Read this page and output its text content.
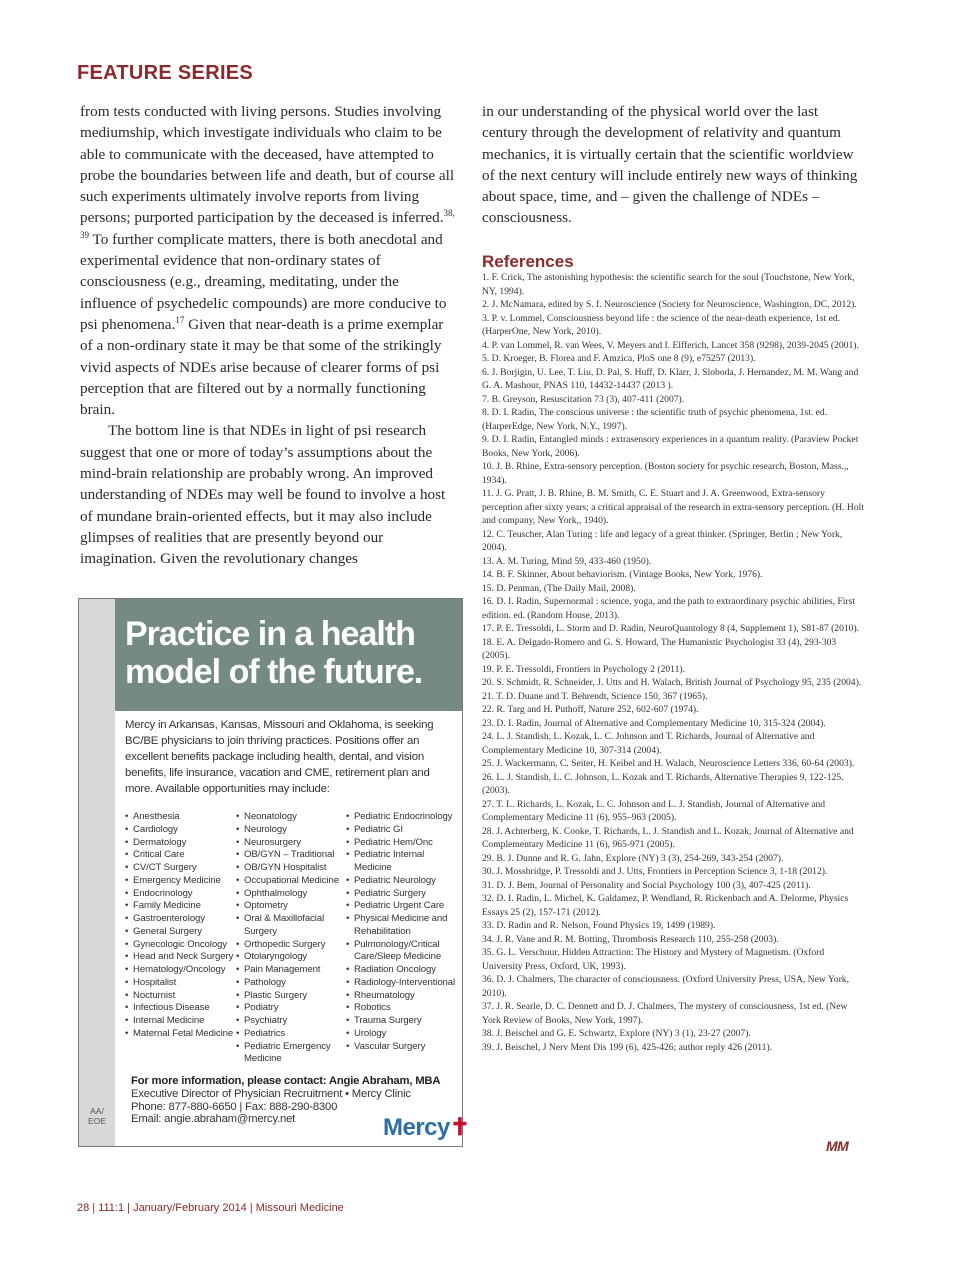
FEATURE SERIES

from tests conducted with living persons. Studies involving mediumship, which investigate individuals who claim to be able to communicate with the deceased, have attempted to probe the boundaries between life and death, but of course all such experiments ultimately involve reports from living persons; purported participation by the deceased is inferred.$^{38, 39}$ To further complicate matters, there is both anecdotal and experimental evidence that non-ordinary states of consciousness (e.g., dreaming, meditating, under the influence of psychedelic compounds) are more conducive to psi phenomena.$^{17}$ Given that near-death is a prime exemplar of a non-ordinary state it may be that some of the strikingly vivid aspects of NDEs arise because of clearer forms of psi perception that are filtered out by a normally functioning brain.

The bottom line is that NDEs in light of psi research suggest that one or more of today’s assumptions about the mind-brain relationship are probably wrong. An improved understanding of NDEs may well be found to involve a host of mundane brain-oriented effects, but it may also include glimpses of realities that are presently beyond our imagination. Given the revolutionary changes

in our understanding of the physical world over the last century through the development of relativity and quantum mechanics, it is virtually certain that the scientific worldview of the next century will include entirely new ways of thinking about space, time, and – given the challenge of NDEs – consciousness.
References
1. F. Crick, The astonishing hypothesis: the scientific search for the soul (Touchstone, New York, NY, 1994).
2. J. McNamara, edited by S. f. Neuroscience (Society for Neuroscience, Washington, DC, 2012).
3. P. v. Lommel, Consciousness beyond life : the science of the near-death experience, 1st ed. (HarperOne, New York, 2010).
4. P. van Lommel, R. van Wees, V. Meyers and I. Elfferich, Lancet 358 (9298), 2039-2045 (2001).
5. D. Kroeger, B. Florea and F. Amzica, PloS one 8 (9), e75257 (2013).
6. J. Borjigin, U. Lee, T. Liu, D. Pal, S. Huff, D. Klarr, J. Sloboda, J. Hernandez, M. M. Wang and G. A. Mashour, PNAS 110, 14432-14437 (2013 ).
7. B. Greyson, Resuscitation 73 (3), 407-411 (2007).
8. D. I. Radin, The conscious universe : the scientific truth of psychic phenomena, 1st. ed. (HarperEdge, New York, N.Y., 1997).
9. D. I. Radin, Entangled minds : extrasensory experiences in a quantum reality. (Paraview Pocket Books, New York, 2006).
10. J. B. Rhine, Extra-sensory perception. (Boston society for psychic research, Boston, Mass.,, 1934).
11. J. G. Pratt, J. B. Rhine, B. M. Smith, C. E. Stuart and J. A. Greenwood, Extra-sensory perception after sixty years; a critical appraisal of the research in extra-sensory perception. (H. Holt and company, New York,, 1940).
12. C. Teuscher, Alan Turing : life and legacy of a great thinker. (Springer, Berlin ; New York, 2004).
13. A. M. Turing, Mind 59, 433-460 (1950).
14. B. F. Skinner, About behaviorism. (Vintage Books, New York, 1976).
15. D. Penman, (The Daily Mail, 2008).
16. D. I. Radin, Supernormal : science, yoga, and the path to extraordinary psychic abilities, First edition. ed. (Random House, 2013).
17. P. E. Tressoldi, L. Storm and D. Radin, NeuroQuantology 8 (4, Supplement 1), S81-87 (2010).
18. E. A. Delgado-Romero and G. S. Howard, The Humanistic Psychologist 33 (4), 293-303 (2005).
19. P. E. Tressoldi, Frontiers in Psychology 2 (2011).
20. S. Schmidt, R. Schneider, J. Utts and H. Walach, British Journal of Psychology 95, 235 (2004).
21. T. D. Duane and T. Behrendt, Science 150, 367 (1965).
22. R. Targ and H. Puthoff, Nature 252, 602-607 (1974).
23. D. I. Radin, Journal of Alternative and Complementary Medicine 10, 315-324 (2004).
24. L. J. Standish, L. Kozak, L. C. Johnson and T. Richards, Journal of Alternative and Complementary Medicine 10, 307-314 (2004).
25. J. Wackermann, C. Seiter, H. Keibel and H. Walach, Neuroscience Letters 336, 60-64 (2003).
26. L. J. Standish, L. C. Johnson, L. Kozak and T. Richards, Alternative Therapies 9, 122-125. (2003).
27. T. L. Richards, L. Kozak, L. C. Johnson and L. J. Standish, Journal of Alternative and Complementary Medicine 11 (6), 955–963 (2005).
28. J. Achterberg, K. Cooke, T. Richards, L. J. Standish and L. Kozak, Journal of Alternative and Complementary Medicine 11 (6), 965-971 (2005).
29. B. J. Dunne and R. G. Jahn, Explore (NY) 3 (3), 254-269, 343-254 (2007).
30. J. Mossbridge, P. Tressoldi and J. Utts, Frontiers in Perception Science 3, 1-18 (2012).
31. D. J. Bem, Journal of Personality and Social Psychology 100 (3), 407-425 (2011).
32. D. I. Radin, L. Michel, K. Galdamez, P. Wendland, R. Rickenbach and A. Delorme, Physics Essays 25 (2), 157-171 (2012).
33. D. Radin and R. Nelson, Found Physics 19, 1499 (1989).
34. J. R. Vane and R. M. Botting, Thrombosis Research 110, 255-258 (2003).
35. G. L. Verschuur, Hidden Attraction: The History and Mystery of Magnetism. (Oxford University Press, Oxford, UK, 1993).
36. D. J. Chalmers, The character of consciousness. (Oxford University Press, USA, New York, 2010).
37. J. R. Searle, D. C. Dennett and D. J. Chalmers, The mystery of consciousness, 1st ed. (New York Review of Books, New York, 1997).
38. J. Beischel and G. E. Schwartz, Explore (NY) 3 (1), 23-27 (2007).
39. J. Beischel, J Nerv Ment Dis 199 (6), 425-426; author reply 426 (2011).
MM
AA/ EOE
Practice in a health
model of the future.
Mercy in Arkansas, Kansas, Missouri and Oklahoma, is seeking BC/BE physicians to join thriving practices. Positions offer an excellent benefits package including health, dental, and vision benefits, life insurance, vacation and CME, retirement plan and more. Available opportunities may include:
• Anesthesia
• Cardiology
• Dermatology
• Critical Care
• CV/CT Surgery
• Emergency Medicine
• Endocrinology
• Family Medicine
• Gastroenterology
• General Surgery
• Gynecologic Oncology
• Head and Neck Surgery
• Hematology/Oncology
• Hospitalist
• Nocturnist
• Infectious Disease
• Internal Medicine
• Maternal Fetal Medicine
• Neonatology
• Neurology
• Neurosurgery
• OB/GYN – Traditional
• OB/GYN Hospitalist
• Occupational Medicine
• Ophthalmology
• Optometry
• Oral & Maxillofacial Surgery
• Orthopedic Surgery
• Otolaryngology
• Pain Management
• Pathology
• Plastic Surgery
• Podiatry
• Psychiatry
• Pediatrics
• Pediatric Emergency Medicine
• Pediatric Endocrinology
• Pediatric GI
• Pediatric Hem/Onc
• Pediatric Internal Medicine
• Pediatric Neurology
• Pediatric Surgery
• Pediatric Urgent Care
• Physical Medicine and Rehabilitation
• Pulmonology/Critical Care/Sleep Medicine
• Radiation Oncology
• Radiology-Interventional
• Rheumatology
• Robotics
• Trauma Surgery
• Urology
• Vascular Surgery
For more information, please contact: Angie Abraham, MBA
Executive Director of Physician Recruitment • Mercy Clinic
Phone: 877-880-6650 | Fax: 888-290-8300
Email: angie.abraham@mercy.net	Mercy✝
28 | 111:1 | January/February 2014 | Missouri Medicine
